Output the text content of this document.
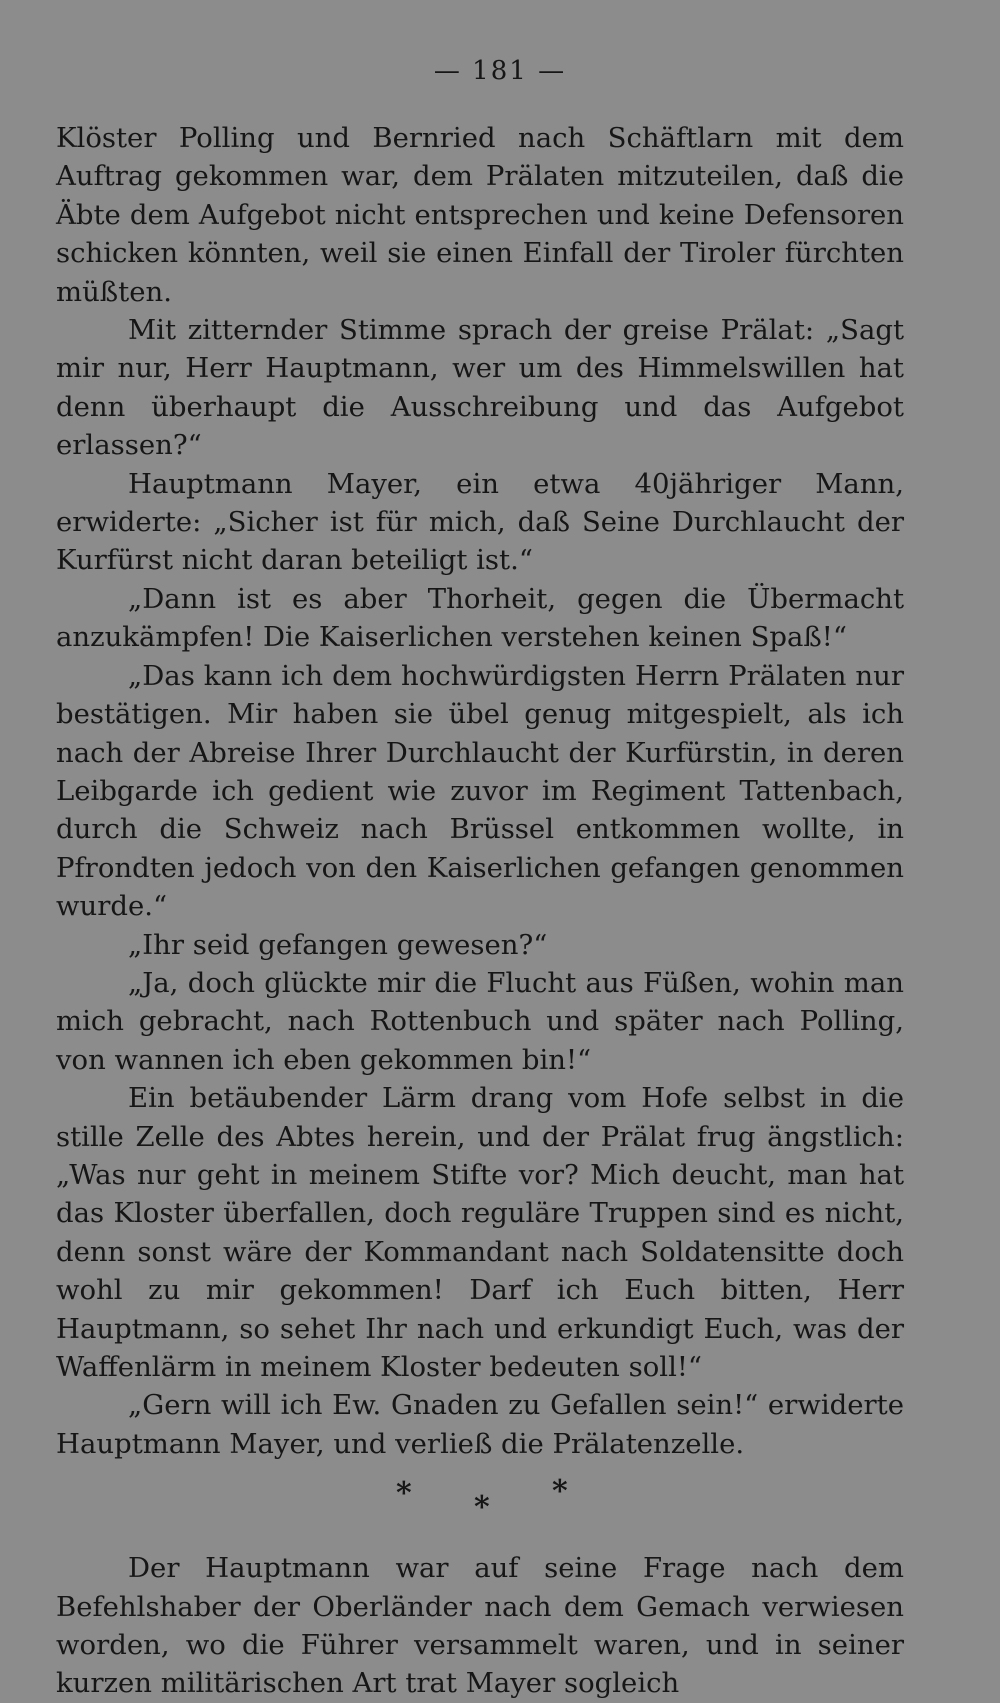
— 181 —

Klöster Polling und Bernried nach Schäftlarn mit dem Auftrag gekommen war, dem Prälaten mitzuteilen, daß die Äbte dem Aufgebot nicht entsprechen und keine Defensoren schicken könnten, weil sie einen Einfall der Tiroler fürchten müßten.

Mit zitternder Stimme sprach der greise Prälat: „Sagt mir nur, Herr Hauptmann, wer um des Himmelswillen hat denn überhaupt die Ausschreibung und das Aufgebot erlassen?“

Hauptmann Mayer, ein etwa 40jähriger Mann, erwiderte: „Sicher ist für mich, daß Seine Durchlaucht der Kurfürst nicht daran beteiligt ist.“

„Dann ist es aber Thorheit, gegen die Übermacht anzukämpfen! Die Kaiserlichen verstehen keinen Spaß!“

„Das kann ich dem hochwürdigsten Herrn Prälaten nur bestätigen. Mir haben sie übel genug mitgespielt, als ich nach der Abreise Ihrer Durchlaucht der Kurfürstin, in deren Leibgarde ich gedient wie zuvor im Regiment Tattenbach, durch die Schweiz nach Brüssel entkommen wollte, in Pfrondten jedoch von den Kaiserlichen gefangen genommen wurde.“

„Ihr seid gefangen gewesen?“

„Ja, doch glückte mir die Flucht aus Füßen, wohin man mich gebracht, nach Rottenbuch und später nach Polling, von wannen ich eben gekommen bin!“

Ein betäubender Lärm drang vom Hofe selbst in die stille Zelle des Abtes herein, und der Prälat frug ängstlich: „Was nur geht in meinem Stifte vor? Mich deucht, man hat das Kloster überfallen, doch reguläre Truppen sind es nicht, denn sonst wäre der Kommandant nach Soldatensitte doch wohl zu mir gekommen! Darf ich Euch bitten, Herr Hauptmann, so sehet Ihr nach und erkundigt Euch, was der Waffenlärm in meinem Kloster bedeuten soll!“

„Gern will ich Ew. Gnaden zu Gefallen sein!“ erwiderte Hauptmann Mayer, und verließ die Prälatenzelle.

* * *

Der Hauptmann war auf seine Frage nach dem Befehlshaber der Oberländer nach dem Gemach verwiesen worden, wo die Führer versammelt waren, und in seiner kurzen militärischen Art trat Mayer sogleich
